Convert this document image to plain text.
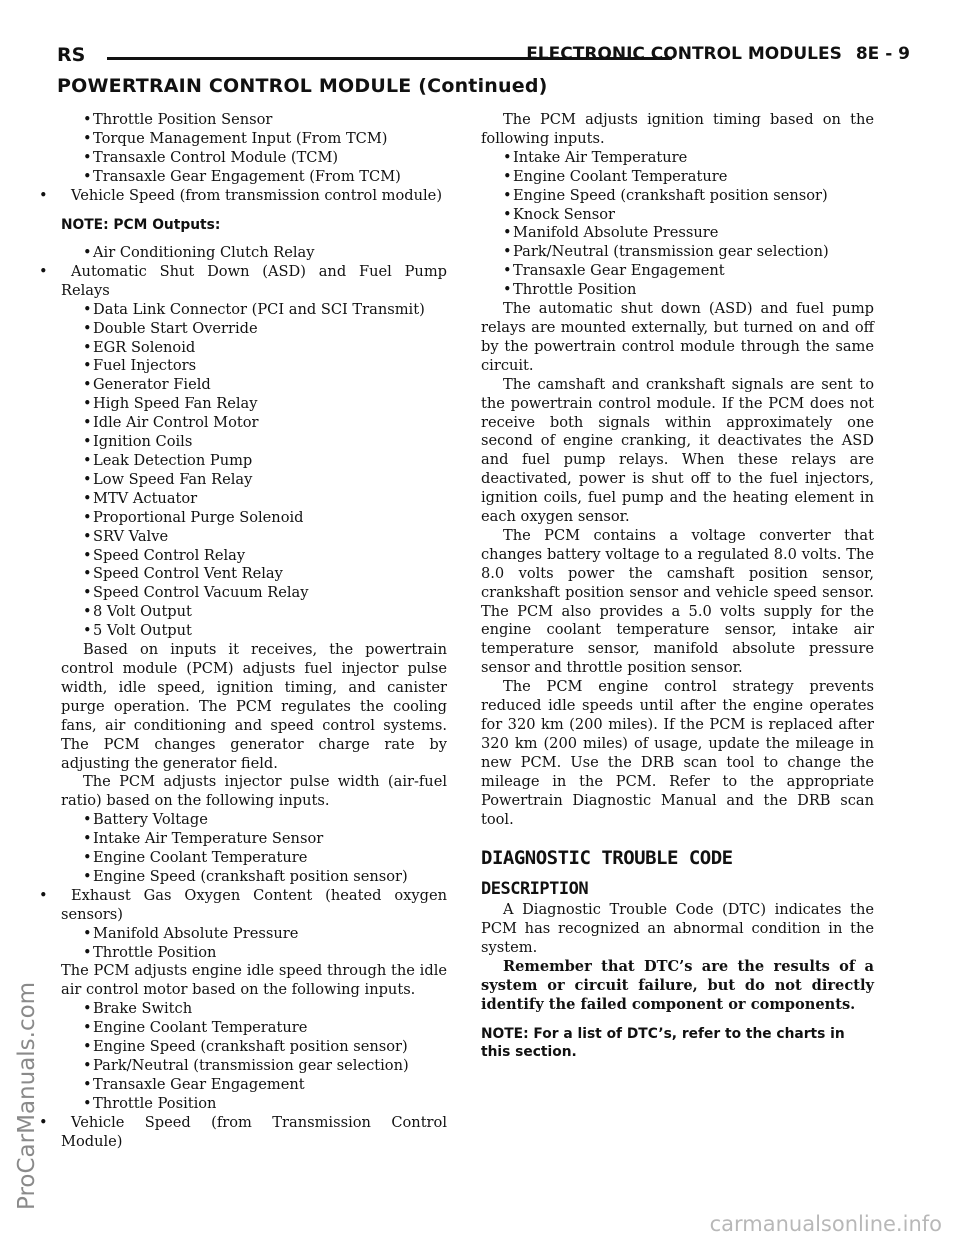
RS	ELECTRONIC CONTROL MODULES 8E - 9
POWERTRAIN CONTROL MODULE (Continued)
•Throttle Position Sensor
•Torque Management Input (From TCM)
•Transaxle Control Module (TCM)
•Transaxle Gear Engagement (From TCM)
• Vehicle Speed (from transmission control module)
NOTE: PCM Outputs:
•Air Conditioning Clutch Relay
• Automatic Shut Down (ASD) and Fuel Pump Relays
•Data Link Connector (PCI and SCI Transmit)
•Double Start Override
•EGR Solenoid
•Fuel Injectors
•Generator Field
•High Speed Fan Relay
•Idle Air Control Motor
•Ignition Coils
•Leak Detection Pump
•Low Speed Fan Relay
•MTV Actuator
•Proportional Purge Solenoid
•SRV Valve
•Speed Control Relay
•Speed Control Vent Relay
•Speed Control Vacuum Relay
•8 Volt Output
•5 Volt Output

Based on inputs it receives, the powertrain control module (PCM) adjusts fuel injector pulse width, idle speed, ignition timing, and canister purge operation. The PCM regulates the cooling fans, air conditioning and speed control systems. The PCM changes generator charge rate by adjusting the generator field.

The PCM adjusts injector pulse width (air-fuel ratio) based on the following inputs.

•Battery Voltage
•Intake Air Temperature Sensor
•Engine Coolant Temperature
•Engine Speed (crankshaft position sensor)
• Exhaust Gas Oxygen Content (heated oxygen sensors)
•Manifold Absolute Pressure
•Throttle Position

The PCM adjusts engine idle speed through the idle air control motor based on the following inputs.

•Brake Switch
•Engine Coolant Temperature
•Engine Speed (crankshaft position sensor)
•Park/Neutral (transmission gear selection)
•Transaxle Gear Engagement
•Throttle Position
• Vehicle Speed (from Transmission Control Module)

The PCM adjusts ignition timing based on the following inputs.

•Intake Air Temperature
•Engine Coolant Temperature
•Engine Speed (crankshaft position sensor)
•Knock Sensor
•Manifold Absolute Pressure
•Park/Neutral (transmission gear selection)
•Transaxle Gear Engagement
•Throttle Position

The automatic shut down (ASD) and fuel pump relays are mounted externally, but turned on and off by the powertrain control module through the same circuit.

The camshaft and crankshaft signals are sent to the powertrain control module. If the PCM does not receive both signals within approximately one second of engine cranking, it deactivates the ASD and fuel pump relays. When these relays are deactivated, power is shut off to the fuel injectors, ignition coils, fuel pump and the heating element in each oxygen sensor.

The PCM contains a voltage converter that changes battery voltage to a regulated 8.0 volts. The 8.0 volts power the camshaft position sensor, crankshaft position sensor and vehicle speed sensor. The PCM also provides a 5.0 volts supply for the engine coolant temperature sensor, intake air temperature sensor, manifold absolute pressure sensor and throttle position sensor.

The PCM engine control strategy prevents reduced idle speeds until after the engine operates for 320 km (200 miles). If the PCM is replaced after 320 km (200 miles) of usage, update the mileage in new PCM. Use the DRB scan tool to change the mileage in the PCM. Refer to the appropriate Powertrain Diagnostic Manual and the DRB scan tool.

DIAGNOSTIC TROUBLE CODE
DESCRIPTION

A Diagnostic Trouble Code (DTC) indicates the PCM has recognized an abnormal condition in the system.

Remember that DTC’s are the results of a system or circuit failure, but do not directly identify the failed component or components.

NOTE: For a list of DTC’s, refer to the charts in this section.
ProCarManuals.com
carmanualsonline.info
